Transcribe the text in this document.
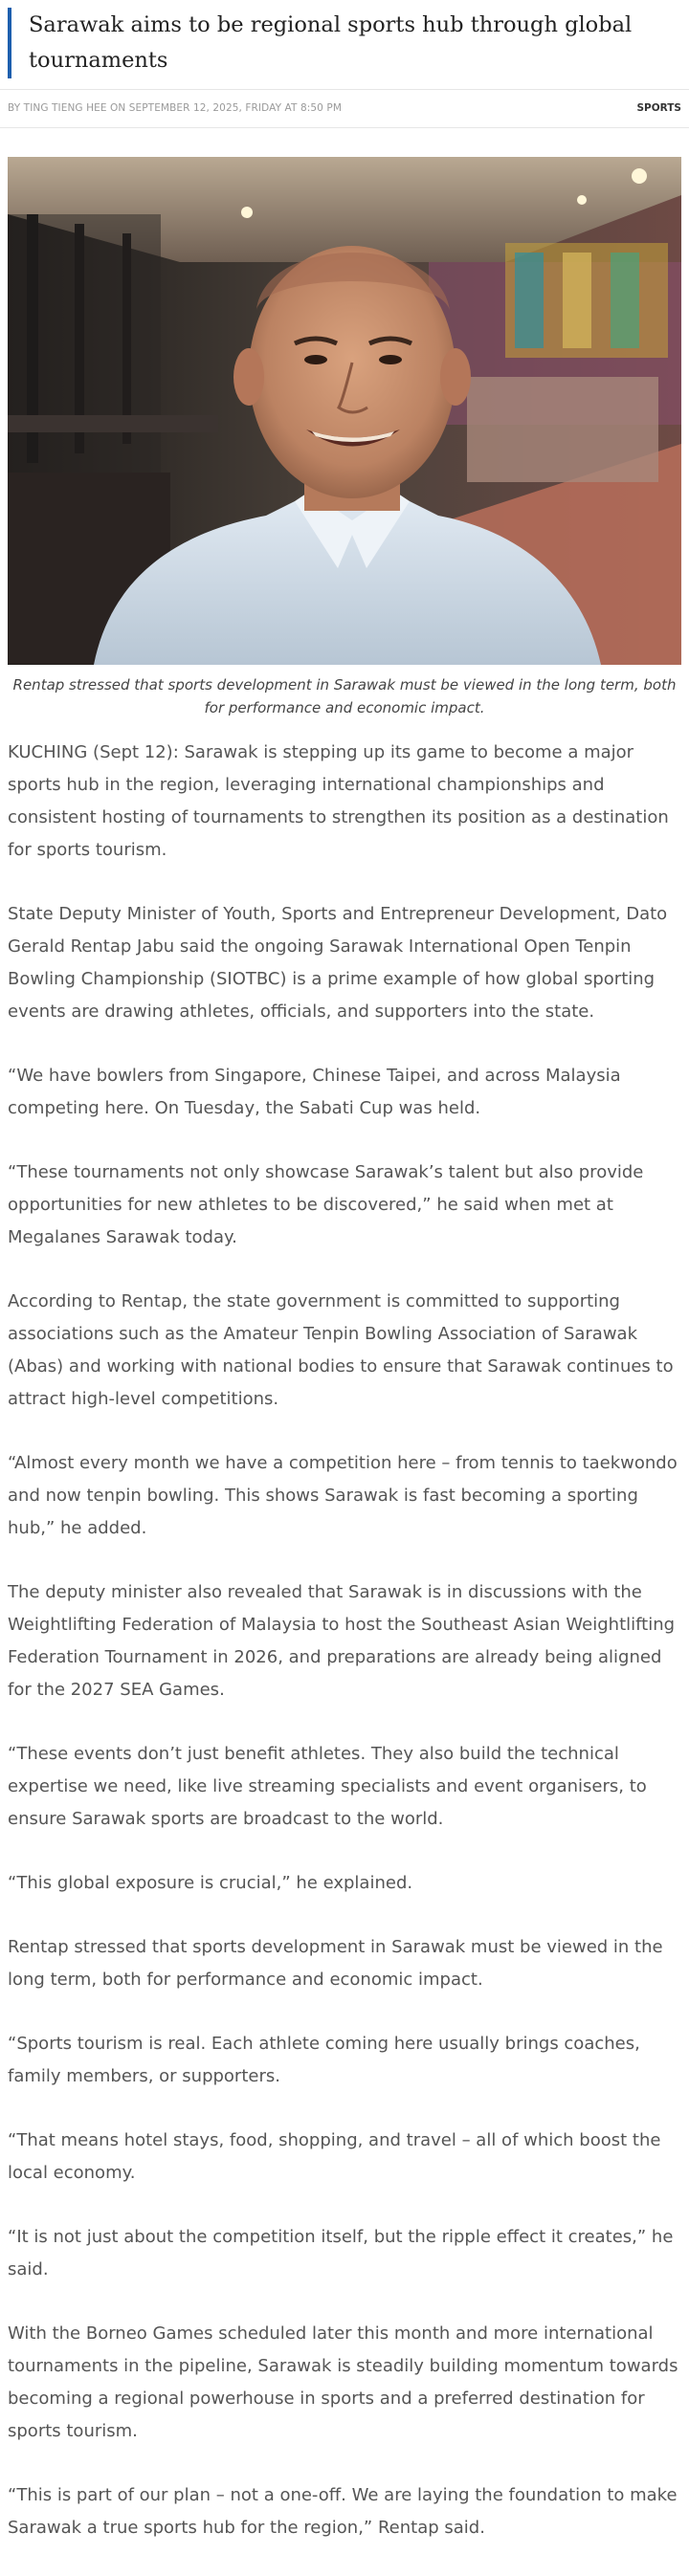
Sarawak aims to be regional sports hub through global tournaments
BY TING TIENG HEE ON SEPTEMBER 12, 2025, FRIDAY AT 8:50 PM	SPORTS

Rentap stressed that sports development in Sarawak must be viewed in the long term, both for performance and economic impact.

KUCHING (Sept 12): Sarawak is stepping up its game to become a major sports hub in the region, leveraging international championships and consistent hosting of tournaments to strengthen its position as a destination for sports tourism.

State Deputy Minister of Youth, Sports and Entrepreneur Development, Dato Gerald Rentap Jabu said the ongoing Sarawak International Open Tenpin Bowling Championship (SIOTBC) is a prime example of how global sporting events are drawing athletes, officials, and supporters into the state.

“We have bowlers from Singapore, Chinese Taipei, and across Malaysia competing here. On Tuesday, the Sabati Cup was held.

“These tournaments not only showcase Sarawak’s talent but also provide opportunities for new athletes to be discovered,” he said when met at Megalanes Sarawak today.

According to Rentap, the state government is committed to supporting associations such as the Amateur Tenpin Bowling Association of Sarawak (Abas) and working with national bodies to ensure that Sarawak continues to attract high-level competitions.

“Almost every month we have a competition here – from tennis to taekwondo and now tenpin bowling. This shows Sarawak is fast becoming a sporting hub,” he added.

The deputy minister also revealed that Sarawak is in discussions with the Weightlifting Federation of Malaysia to host the Southeast Asian Weightlifting Federation Tournament in 2026, and preparations are already being aligned for the 2027 SEA Games.

“These events don’t just benefit athletes. They also build the technical expertise we need, like live streaming specialists and event organisers, to ensure Sarawak sports are broadcast to the world.

“This global exposure is crucial,” he explained.

Rentap stressed that sports development in Sarawak must be viewed in the long term, both for performance and economic impact.

“Sports tourism is real. Each athlete coming here usually brings coaches, family members, or supporters.

“That means hotel stays, food, shopping, and travel – all of which boost the local economy.

“It is not just about the competition itself, but the ripple effect it creates,” he said.

With the Borneo Games scheduled later this month and more international tournaments in the pipeline, Sarawak is steadily building momentum towards becoming a regional powerhouse in sports and a preferred destination for sports tourism.

“This is part of our plan – not a one-off. We are laying the foundation to make Sarawak a true sports hub for the region,” Rentap said.
